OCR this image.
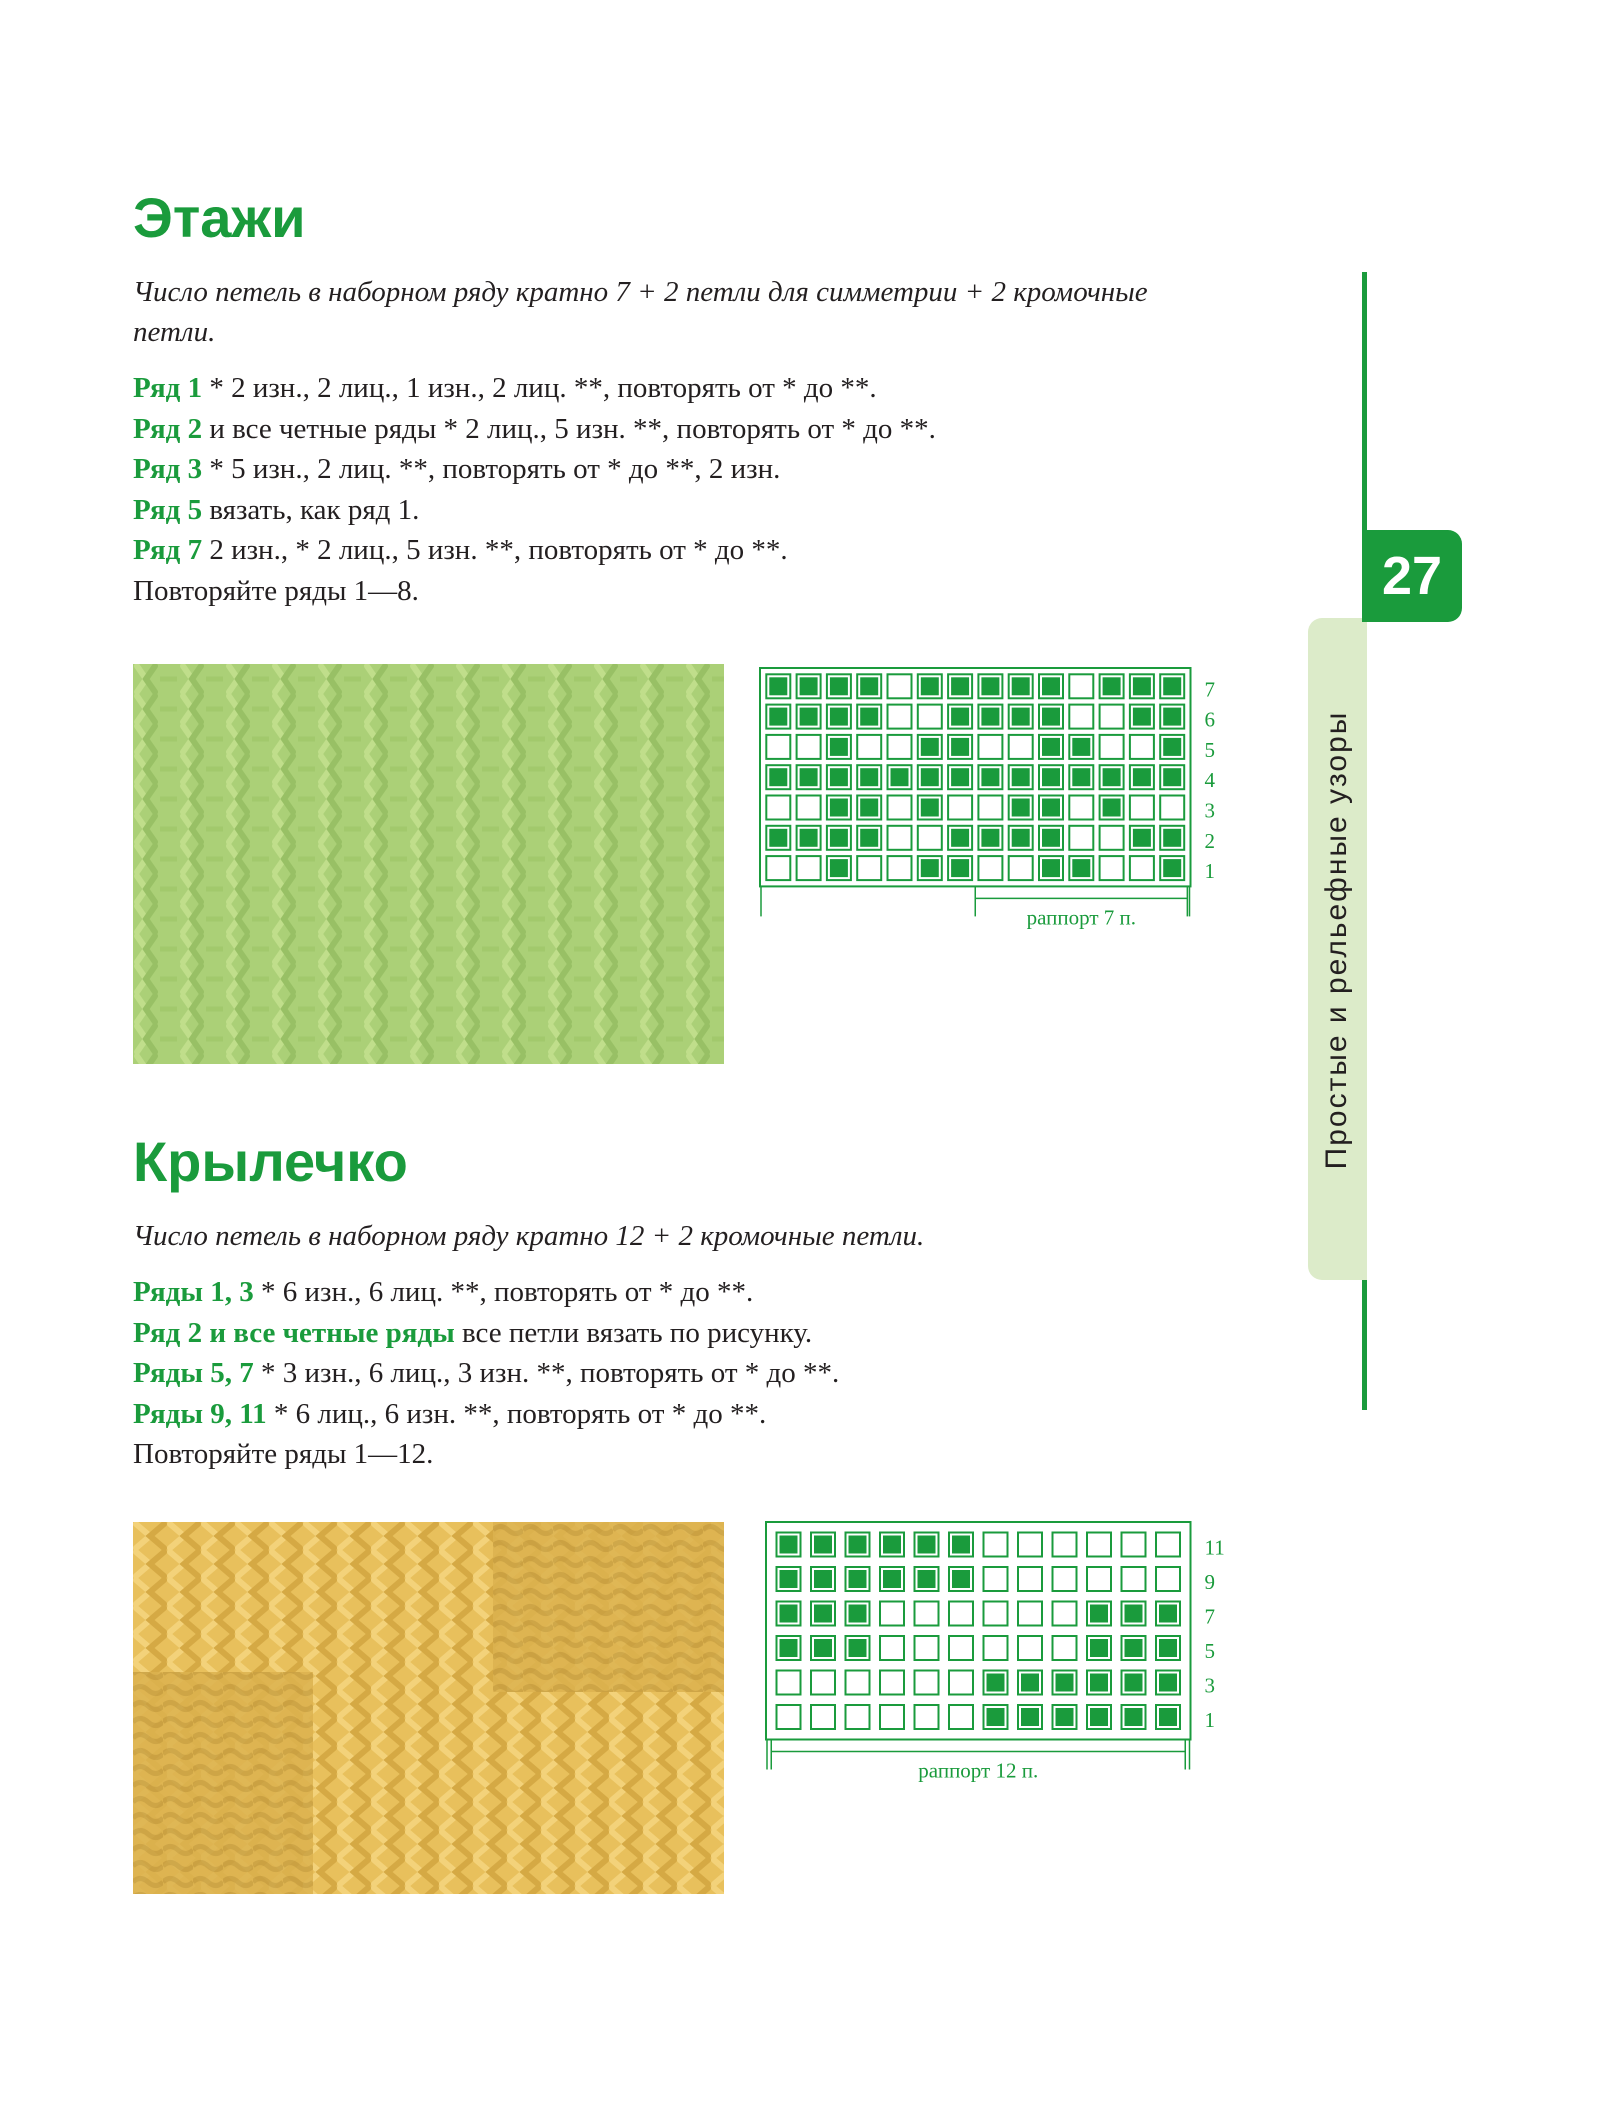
Этажи

Число петель в наборном ряду кратно 7 + 2 петли для симметрии + 2 кромочные петли.

Ряд 1 * 2 изн., 2 лиц., 1 изн., 2 лиц. **, повторять от * до **.
Ряд 2 и все четные ряды * 2 лиц., 5 изн. **, повторять от * до **.
Ряд 3 * 5 изн., 2 лиц. **, повторять от * до **, 2 изн.
Ряд 5 вязать, как ряд 1.
Ряд 7 2 изн., * 2 лиц., 5 изн. **, повторять от * до **.
Повторяйте ряды 1—8.
7
6
5
4
3
2
1
раппорт 7 п.
Крылечко

Число петель в наборном ряду кратно 12 + 2 кромочные петли.

Ряды 1, 3 * 6 изн., 6 лиц. **, повторять от * до **.
Ряд 2 и все четные ряды все петли вязать по рисунку.
Ряды 5, 7 * 3 изн., 6 лиц., 3 изн. **, повторять от * до **.
Ряды 9, 11 * 6 лиц., 6 изн. **, повторять от * до **.
Повторяйте ряды 1—12.
11
9
7
5
3
1
раппорт 12 п.
Простые и рельефные узоры
27
